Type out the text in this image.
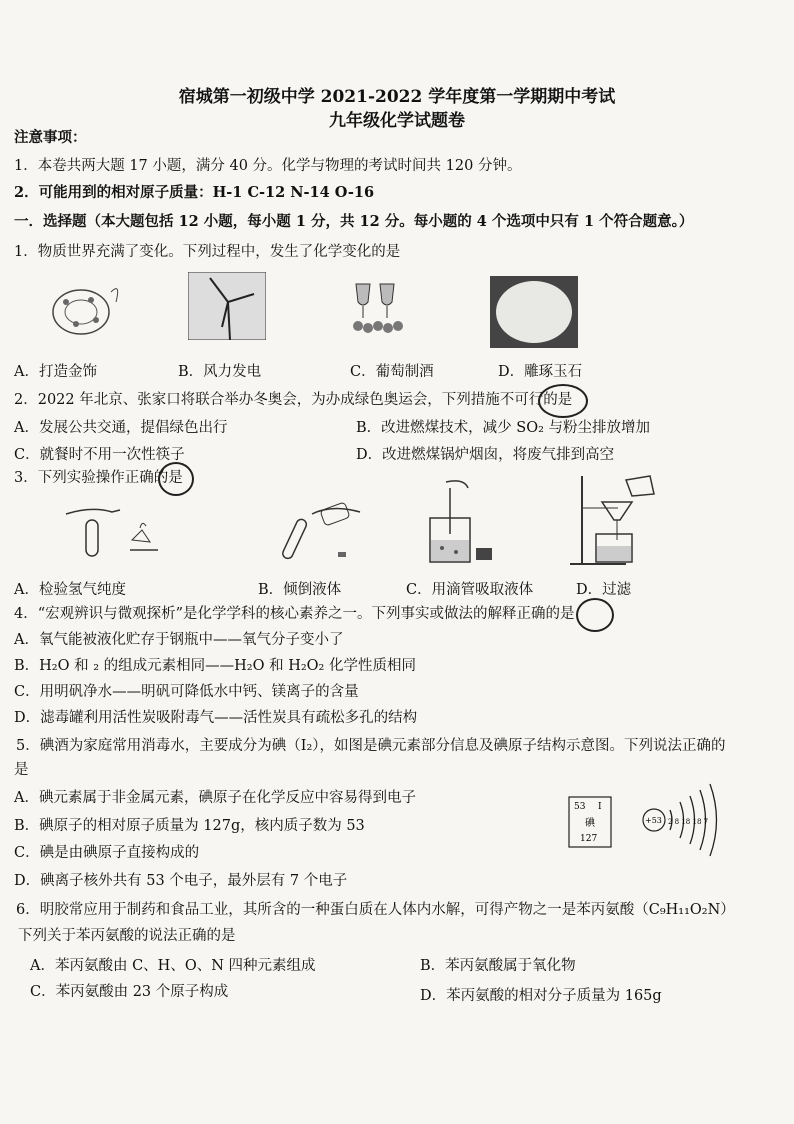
宿城第一初级中学 2021-2022 学年度第一学期期中考试
九年级化学试题卷
注意事项：
1．本卷共两大题 17 小题，满分 40 分。化学与物理的考试时间共 120 分钟。
2．可能用到的相对原子质量：H-1 C-12 N-14 O-16
一．选择题（本大题包括 12 小题，每小题 1 分，共 12 分。每小题的 4 个选项中只有 1 个符合题意。）
1．物质世界充满了变化。下列过程中，发生了化学变化的是
A．打造金饰	B．风力发电	C．葡萄制酒	D．雕琢玉石
2．2022 年北京、张家口将联合举办冬奥会，为办成绿色奥运会，下列措施不可行的是
A．发展公共交通，提倡绿色出行	B．改进燃煤技术，减少 SO₂ 与粉尘排放增加
C．就餐时不用一次性筷子	D．改进燃煤锅炉烟囱，将废气排到高空
3．下列实验操作正确的是
A．检验氢气纯度	B．倾倒液体	C．用滴管吸取液体	D．过滤
4．“宏观辨识与微观探析”是化学学科的核心素养之一。下列事实或做法的解释正确的是
A．氧气能被液化贮存于钢瓶中——氧气分子变小了
B．H₂O 和 ₂ 的组成元素相同——H₂O 和 H₂O₂ 化学性质相同
C．用明矾净水——明矾可降低水中钙、镁离子的含量
D．滤毒罐利用活性炭吸附毒气——活性炭具有疏松多孔的结构
5．碘酒为家庭常用消毒水，主要成分为碘（I₂），如图是碘元素部分信息及碘原子结构示意图。下列说法正确的
是
A．碘元素属于非金属元素，碘原子在化学反应中容易得到电子
B．碘原子的相对原子质量为 127g，核内质子数为 53
C．碘是由碘原子直接构成的
D．碘离子核外共有 53 个电子，最外层有 7 个电子
53 I
碘
127
+53 2 8 18 18 7
6．明胶常应用于制药和食品工业，其所含的一种蛋白质在人体内水解，可得产物之一是苯丙氨酸（C₉H₁₁O₂N）
下列关于苯丙氨酸的说法正确的是
A．苯丙氨酸由 C、H、O、N 四种元素组成	B．苯丙氨酸属于氧化物
C．苯丙氨酸由 23 个原子构成	D．苯丙氨酸的相对分子质量为 165g
